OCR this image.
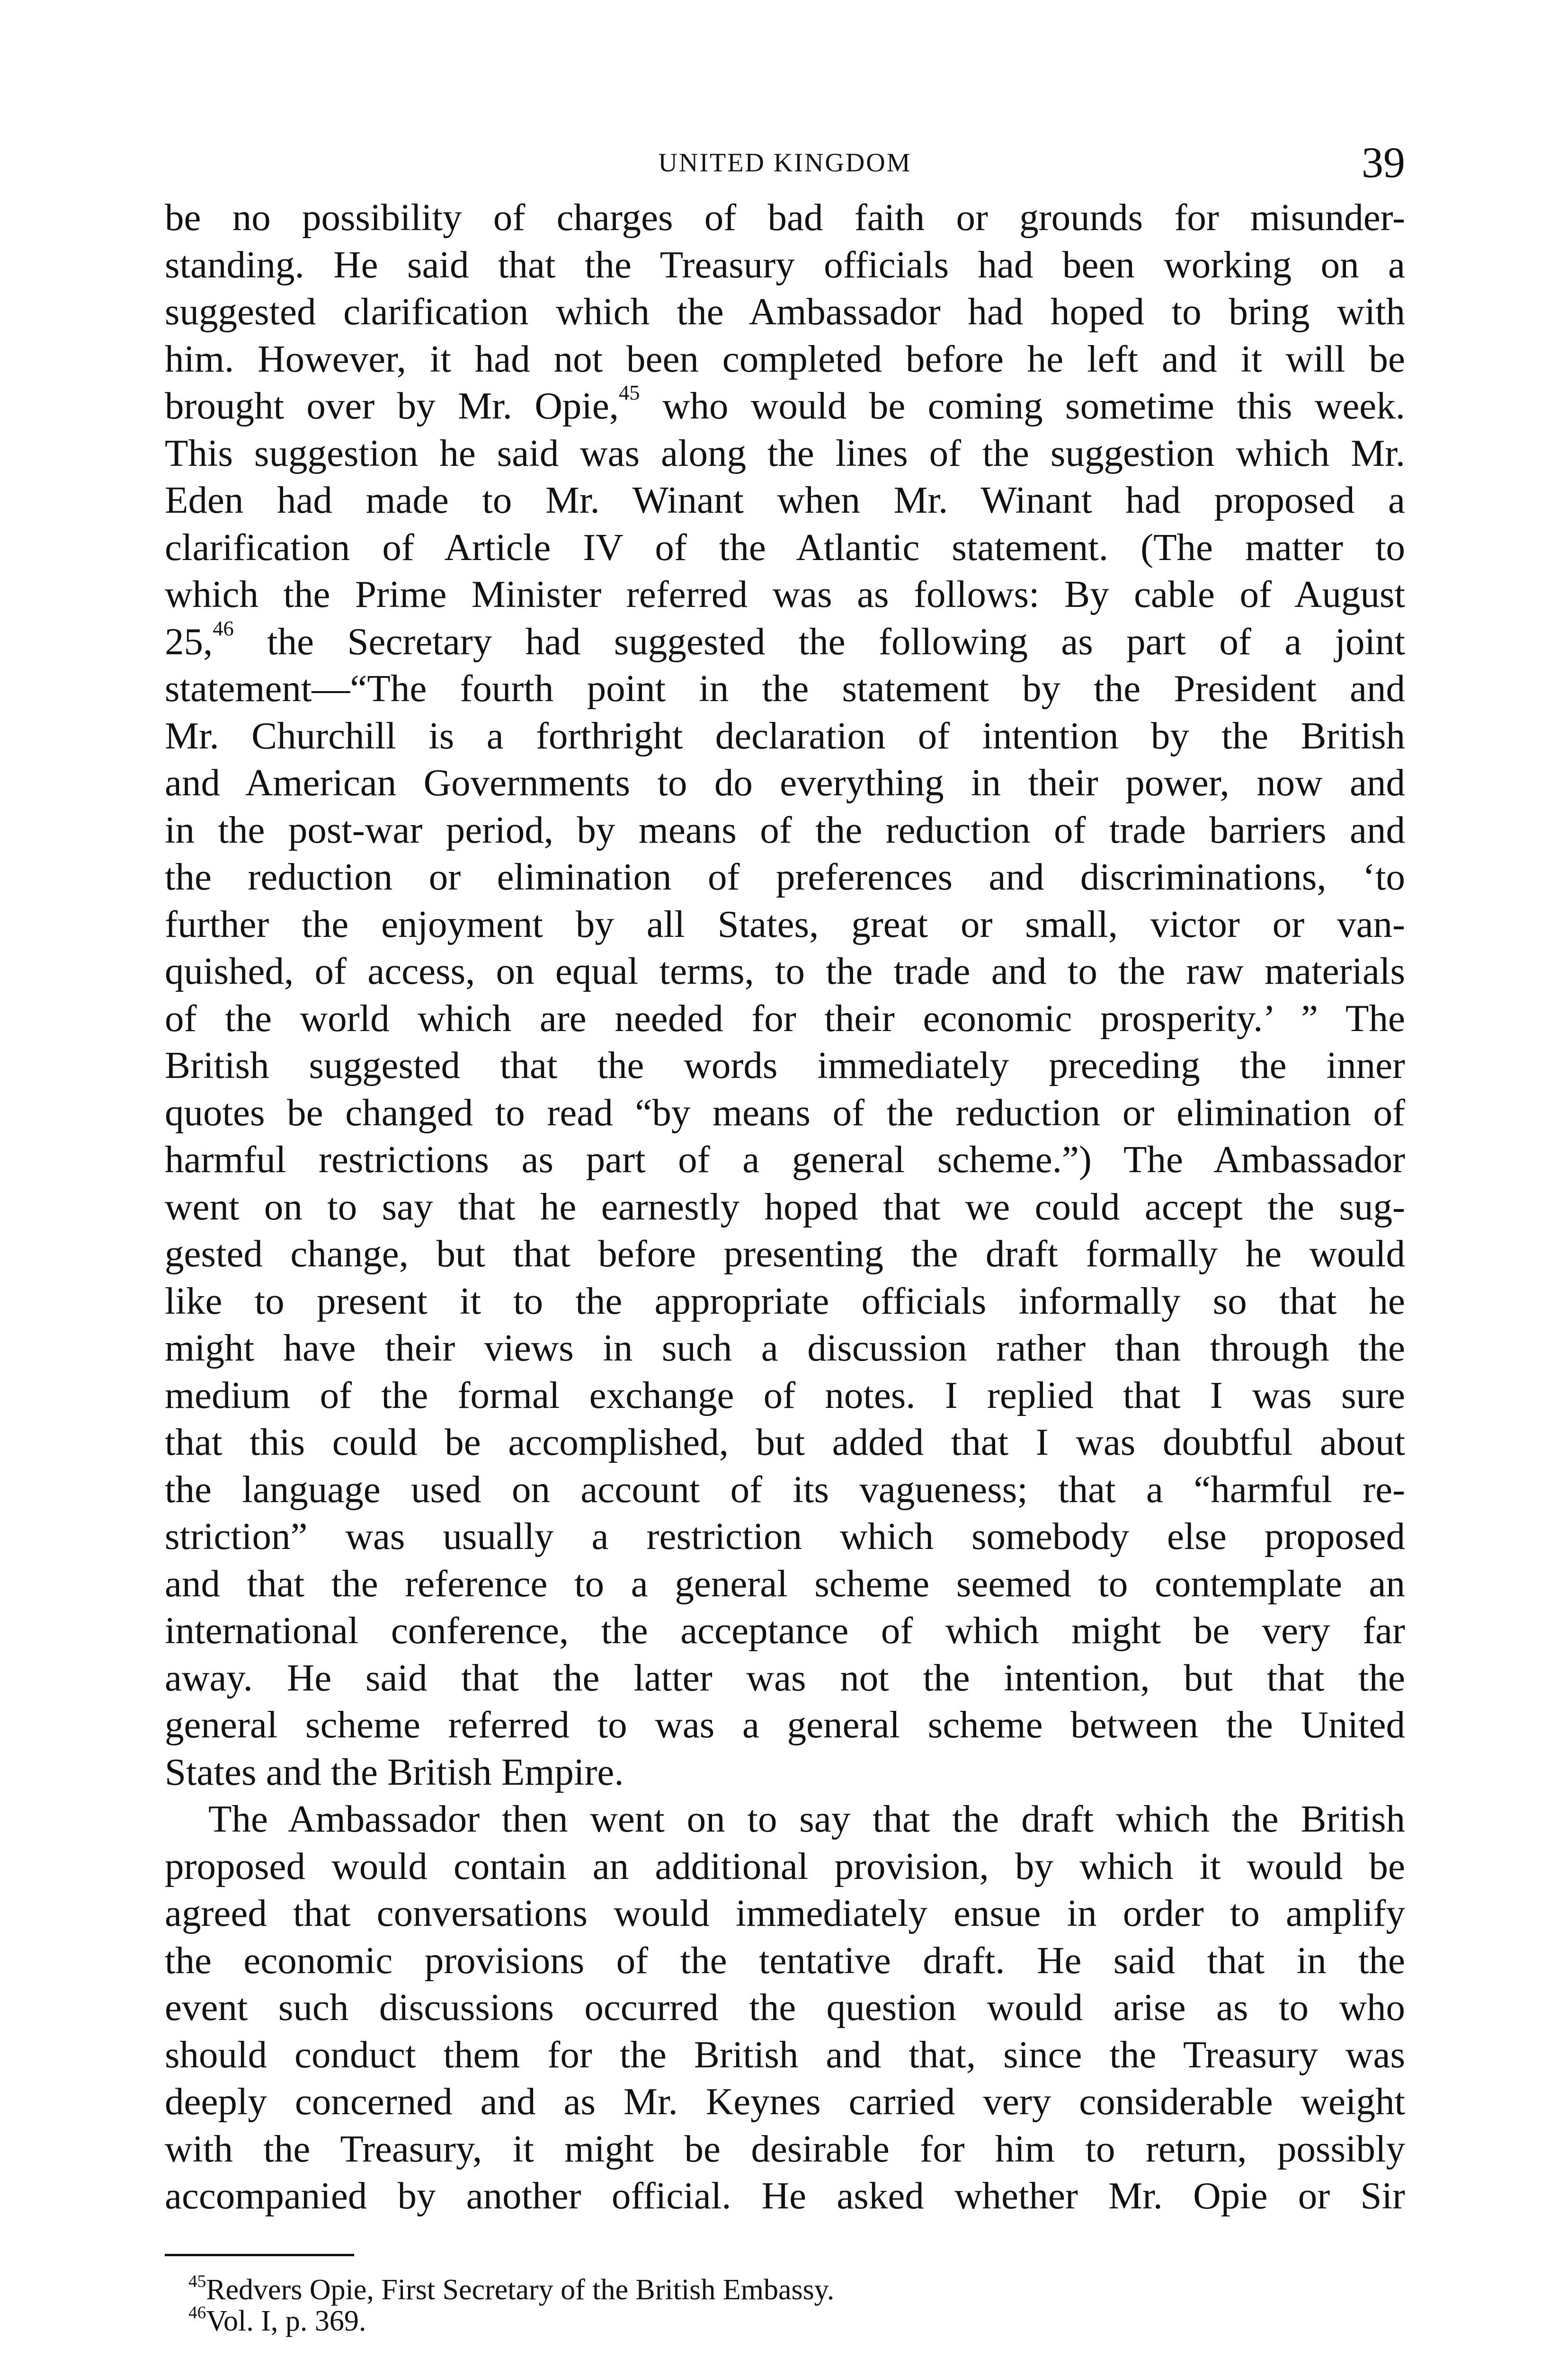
UNITED KINGDOM	39

be no possibility of charges of bad faith or grounds for misunder-
standing. He said that the Treasury officials had been working on a
suggested clarification which the Ambassador had hoped to bring with
him. However, it had not been completed before he left and it will be
brought over by Mr. Opie,$^{45}$ who would be coming sometime this week.
This suggestion he said was along the lines of the suggestion which Mr.
Eden had made to Mr. Winant when Mr. Winant had proposed a
clarification of Article IV of the Atlantic statement. (The matter to
which the Prime Minister referred was as follows: By cable of August
25,46 the Secretary had suggested the following as part of a joint
statement—“The fourth point in the statement by the President and
Mr. Churchill is a forthright declaration of intention by the British
and American Governments to do everything in their power, now and
in the post-war period, by means of the reduction of trade barriers and
the reduction or elimination of preferences and discriminations, ‘to
further the enjoyment by all States, great or small, victor or van-
quished, of access, on equal terms, to the trade and to the raw materials
of the world which are needed for their economic prosperity.’ ” The
British suggested that the words immediately preceding the inner
quotes be changed to read “by means of the reduction or elimination of
harmful restrictions as part of a general scheme.”) The Ambassador
went on to say that he earnestly hoped that we could accept the sug-
gested change, but that before presenting the draft formally he would
like to present it to the appropriate officials informally so that he
might have their views in such a discussion rather than through the
medium of the formal exchange of notes. I replied that I was sure
that this could be accomplished, but added that I was doubtful about
the language used on account of its vagueness; that a “harmful re-
striction” was usually a restriction which somebody else proposed
and that the reference to a general scheme seemed to contemplate an
international conference, the acceptance of which might be very far
away. He said that the latter was not the intention, but that the
general scheme referred to was a general scheme between the United
States and the British Empire.

The Ambassador then went on to say that the draft which the British
proposed would contain an additional provision, by which it would be
agreed that conversations would immediately ensue in order to amplify
the economic provisions of the tentative draft. He said that in the
event such discussions occurred the question would arise as to who
should conduct them for the British and that, since the Treasury was
deeply concerned and as Mr. Keynes carried very considerable weight
with the Treasury, it might be desirable for him to return, possibly
accompanied by another official. He asked whether Mr. Opie or Sir

$^{45}$Redvers Opie, First Secretary of the British Embassy.
$^{46}$Vol. I, p. 369.
